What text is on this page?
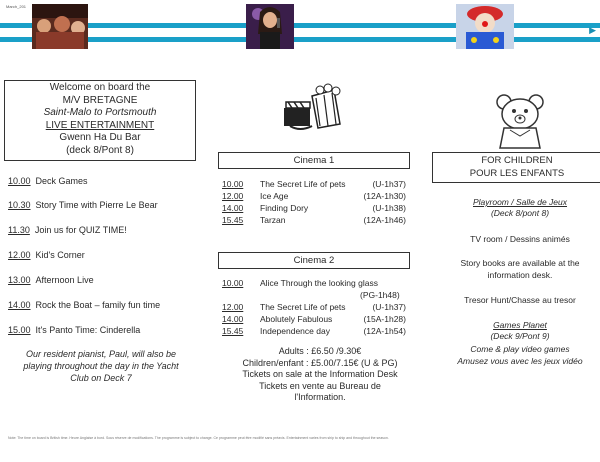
March_201
▶
Welcome on board the
M/V BRETAGNE
Saint-Malo to Portsmouth
LIVE ENTERTAINMENT
Gwenn Ha Du Bar
(deck 8/Pont 8)
10.00 Deck Games
10.30 Story Time with Pierre Le Bear
11.30 Join us for QUIZ TIME!
12.00 Kid's Corner
13.00 Afternoon Live
14.00 Rock the Boat – family fun time
15.00 It's Panto Time: Cinderella
Our resident pianist, Paul, will also be
playing throughout the day in the Yacht
Club on Deck 7
Cinema 1
10.00 The Secret Life of pets	(U-1h37)
12.00 Ice Age	(12A-1h30)
14.00 Finding Dory	(U-1h38)
15.45 Tarzan	(12A-1h46)
Cinema 2
10.00 Alice Through the looking glass
(PG-1h48)
12.00 The Secret Life of pets	(U-1h37)
14.00 Abolutely Fabulous	(15A-1h28)
15.45 Independence day	(12A-1h54)
Adults : £6.50 /9.30€
Children/enfant : £5.00/7.15€ (U & PG)
Tickets on sale at the Information Desk
Tickets en vente au Bureau de
l'Information.
FOR CHILDREN
POUR LES ENFANTS
Playroom / Salle de Jeux
(Deck 8/pont 8)
TV room / Dessins animés
Story books are available at the
information desk.
Tresor Hunt/Chasse au tresor
Games Planet
(Deck 9/Pont 9)
Come & play video games
Amusez vous avec les jeux vidéo
Note: The time on board is British time. Heure Anglaise à bord. Sous réserve de modifications. The programme is subject to change. Ce programme peut être modifié sans préavis. Entertainment varies from ship to ship and throughout the season.
